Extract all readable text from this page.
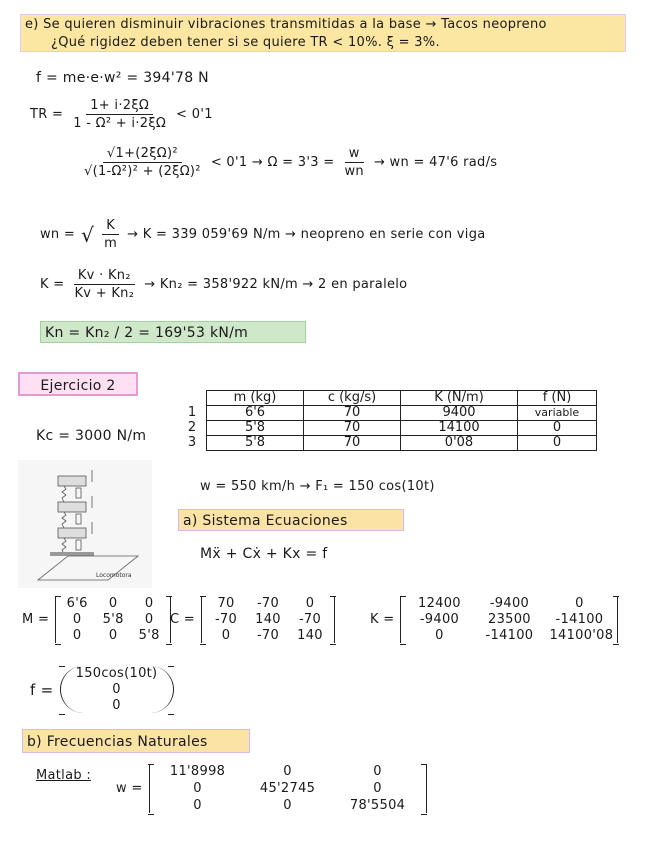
e) Se quieren disminuir vibraciones transmitidas a la base → Tacos neopreno
¿Qué rigidez deben tener si se quiere TR < 10%. ξ = 3%.
f = me·e·w² = 394'78 N
TR = $\frac{1+ i\cdot 2\xi\Omega}{\text{1 - Ω² + i·2ξΩ}} < 0'1$
$\frac{\text{√1+(2ξΩ)²}}{\text{√(1-Ω²)² + (2ξΩ)²}} < 0'1 \to \Omega = 3'3 = \frac{w}{wn}$ → wn = 47'6 rad/s
wn = √ $\frac{K}{m} \to K = 339$ 059'69 N/m → neopreno en serie con viga
$K = \frac{\text{Kv · Kn₂}}{\text{Kv + Kn₂}} \to Kn_2 = 358'922$ kN/m → 2 en paralelo
Kn = Kn₂ / 2 = 169'53 kN/m
Ejercicio 2
Kc = 3000 N/m
	m (kg)	c (kg/s)	K (N/m)	f (N)
1	6'6	70	9400	variable
2	5'8	70	14100	0
3	5'8	70	0'08	0
Locomotora
w = 550 km/h → F₁ = 150 cos(10t)
a) Sistema Ecuaciones
Mẍ + Cẋ + Kx = f
M =
6'6	0	0
0	5'8	0
0	0	5'8
C =
70	-70	0
-70	140	-70
0	-70	140
K =
12400	-9400	0
-9400	23500	-14100
0	-14100	14100'08
f =
150cos(10t)
0
0
b) Frecuencias Naturales
Matlab :
w =
11'8998	0	0
0	45'2745	0
0	0	78'5504
